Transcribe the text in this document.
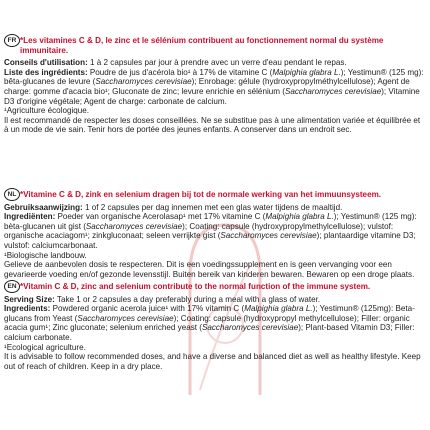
FR *Les vitamines C & D, le zinc et le sélénium contribuent au fonctionnement normal du système immunitaire.

Conseils d'utilisation: 1 à 2 capsules par jour à prendre avec un verre d'eau pendant le repas.

Liste des ingrédients: Poudre de jus d'acérola bio¹ à 17% de vitamine C (Malpighia glabra L.); Yestimun® (125 mg): bêta-glucanes de levure (Saccharomyces cerevisiae); Enrobage: gélule (hydroxypropylméthylcellulose); Agent de charge: gomme d'acacia bio¹; Gluconate de zinc; levure enrichie en sélénium (Saccharomyces cerevisiae); Vitamine D3 d'origine végétale; Agent de charge: carbonate de calcium.

¹Agriculture écologique.

Il est recommandé de respecter les doses conseillées. Ne se substitue pas à une alimentation variée et équilibrée et à un mode de vie sain. Tenir hors de portée des jeunes enfants. A conserver dans un endroit sec.

NL *Vitamine C & D, zink en selenium dragen bij tot de normale werking van het immuunsysteem.

Gebruiksaanwijzing: 1 of 2 capsules per dag innemen met een glas water tijdens de maaltijd.

Ingrediënten: Poeder van organische Acerolasap¹ met 17% vitamine C (Malpighia glabra L.); Yestimun® (125 mg): bèta-glucanen uit gist (Saccharomyces cerevisiae); Coating: capsule (hydroxypropylmethylcellulose); vulstof: organische acaciagom¹; zinkgluconaat; seleen verrijkte gist (Saccharomyces cerevisiae); plantaardige vitamine D3; vulstof: calciumcarbonaat.

¹Biologische landbouw.

Gelieve de aanbevolen dosis te respecteren. Dit is een voedingssupplement en is geen vervanging voor een gevarieerde voeding en/of gezonde levensstijl. Buiten bereik van kinderen bewaren. Bewaren op een droge plaats.

EN *Vitamin C & D, zinc and selenium contribute to the normal function of the immune system.

Serving Size: Take 1 or 2 capsules a day preferably during a meal with a glass of water.

Ingredients: Powdered organic acerola juice¹ with 17% vitamin C (Malpighia glabra L.); Yestimun® (125mg): Beta-glucans from Yeast (Saccharomyces cerevisiae); Coating: capsule (hydroxypropyl methylcellulose); Filler: organic acacia gum¹; Zinc gluconate; selenium enriched yeast (Saccharomyces cerevisiae); Plant-based Vitamin D3; Filler: calcium carbonate.

¹Ecological agriculture.

It is advisable to follow recommended doses, and have a diverse and balanced diet as well as healthy lifestyle. Keep out of reach of children. Keep in a dry place.
